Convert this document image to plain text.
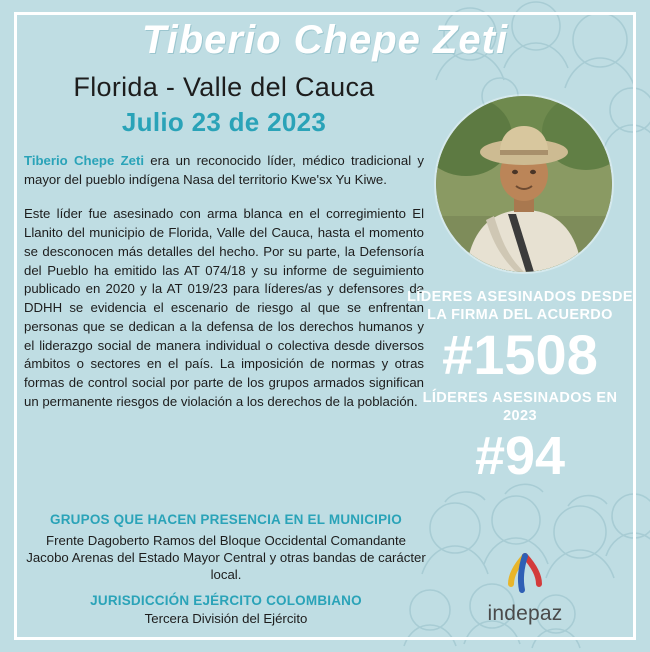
Tiberio Chepe Zeti
Florida - Valle del Cauca
Julio 23 de 2023
Tiberio Chepe Zeti era un reconocido líder, médico tradicional y mayor del pueblo indígena Nasa del territorio Kwe'sx Yu Kiwe.
Este líder fue asesinado con arma blanca en el corregimiento El Llanito del municipio de Florida, Valle del Cauca, hasta el momento se desconocen más detalles del hecho. Por su parte, la Defensoría del Pueblo ha emitido las AT 074/18 y su informe de seguimiento publicado en 2020 y la AT 019/23 para líderes/as y defensores de DDHH se evidencia el escenario de riesgo al que se enfrentan personas que se dedican a la defensa de los derechos humanos y el liderazgo social de manera individual o colectiva desde diversos ámbitos o sectores en el país. La imposición de normas y otras formas de control social por parte de los grupos armados significan un permanente riesgos de violación a los derechos de la población.
LÍDERES ASESINADOS DESDE LA FIRMA DEL ACUERDO
#1508
LÍDERES ASESINADOS EN 2023
#94
GRUPOS QUE HACEN PRESENCIA EN EL MUNICIPIO
Frente Dagoberto Ramos del Bloque Occidental Comandante Jacobo Arenas del Estado Mayor Central y otras bandas de carácter local.
JURISDICCIÓN EJÉRCITO COLOMBIANO
Tercera División del Ejército	indepaz
